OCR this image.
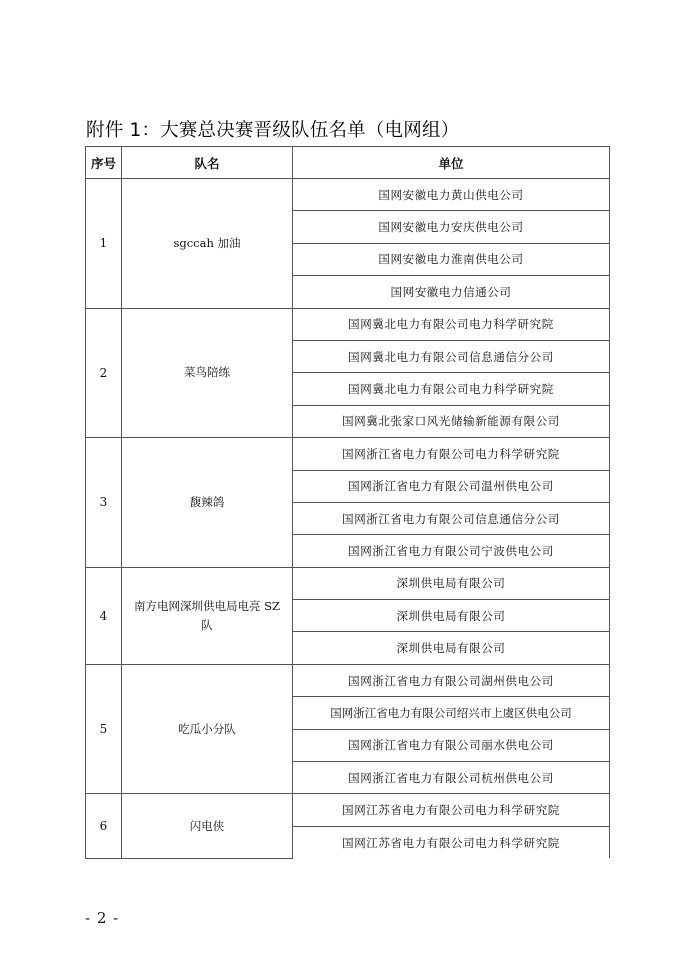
附件 1：大赛总决赛晋级队伍名单（电网组）
序号	队名	单位
1	sgccah 加油	国网安徽电力黄山供电公司
		国网安徽电力安庆供电公司
		国网安徽电力淮南供电公司
		国网安徽电力信通公司
2	菜鸟陪练	国网冀北电力有限公司电力科学研究院
		国网冀北电力有限公司信息通信分公司
		国网冀北电力有限公司电力科学研究院
		国网冀北张家口风光储输新能源有限公司
3	馥辣鸽	国网浙江省电力有限公司电力科学研究院
		国网浙江省电力有限公司温州供电公司
		国网浙江省电力有限公司信息通信分公司
		国网浙江省电力有限公司宁波供电公司
4	南方电网深圳供电局电亮 SZ 队	深圳供电局有限公司
		深圳供电局有限公司
		深圳供电局有限公司
5	吃瓜小分队	国网浙江省电力有限公司湖州供电公司
		国网浙江省电力有限公司绍兴市上虞区供电公司
		国网浙江省电力有限公司丽水供电公司
		国网浙江省电力有限公司杭州供电公司
6	闪电侠	国网江苏省电力有限公司电力科学研究院
		国网江苏省电力有限公司电力科学研究院
- 2 -
